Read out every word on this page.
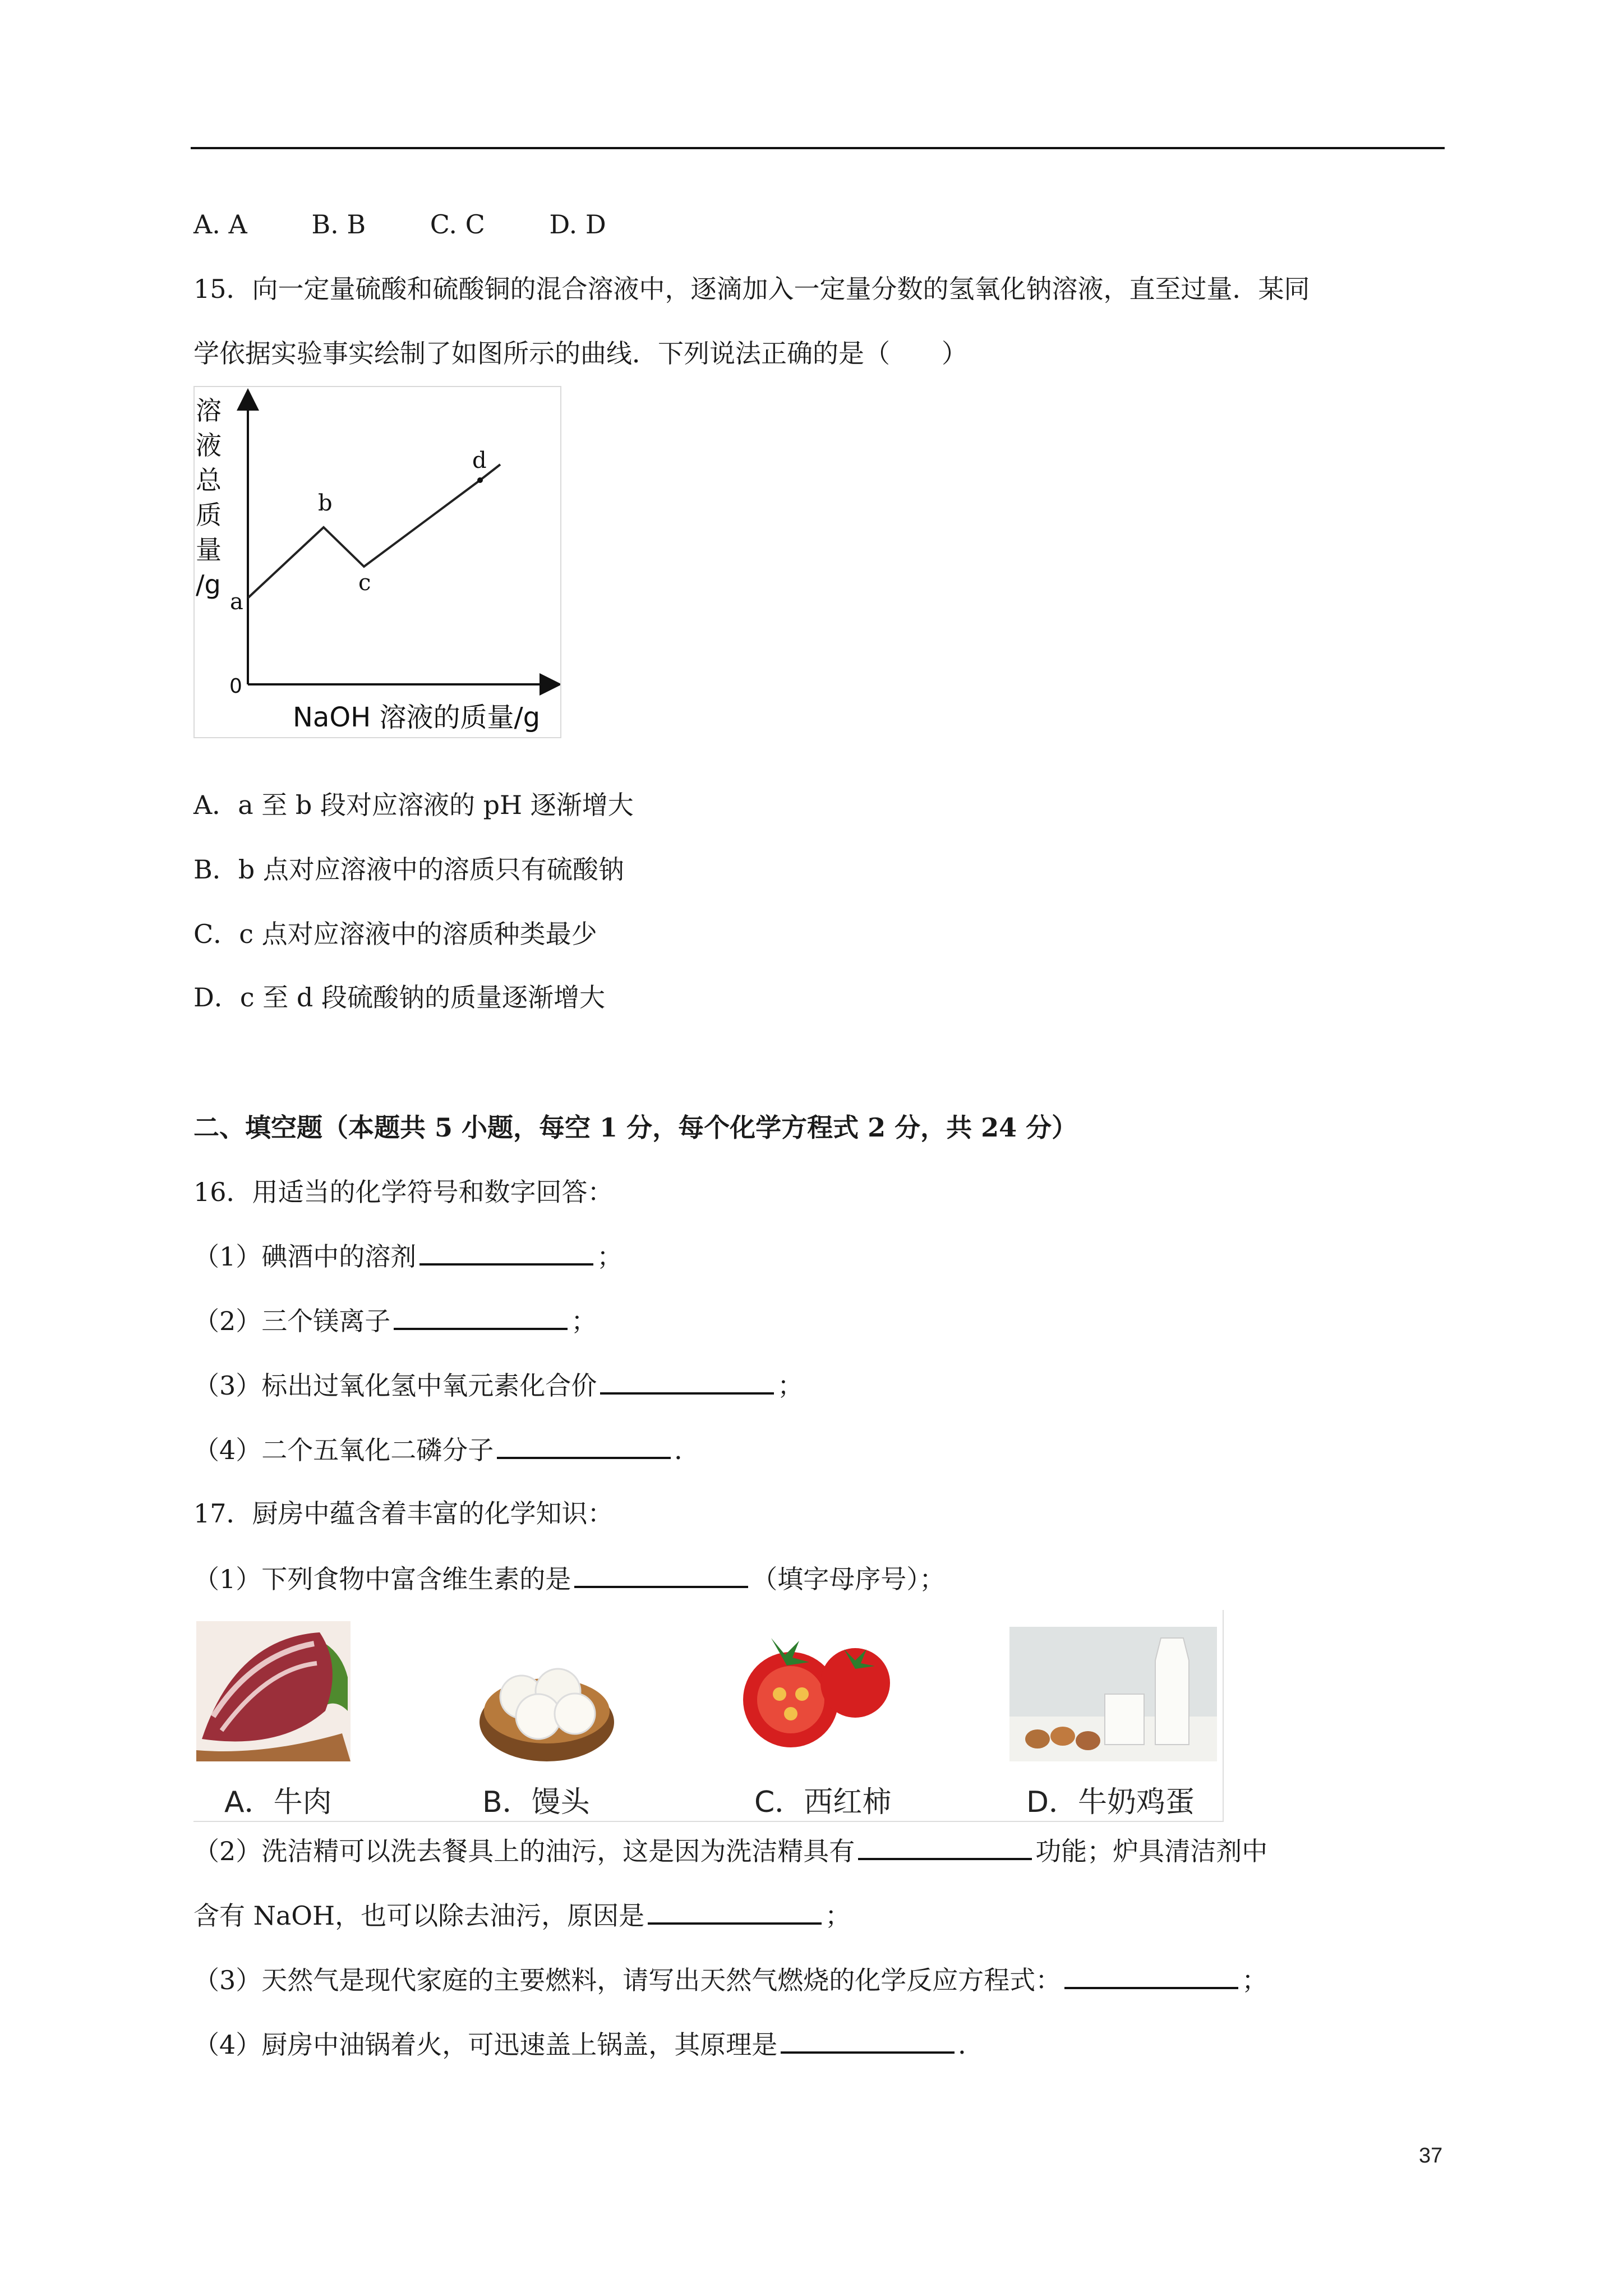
A. A B. B C. C D. D
15．向一定量硫酸和硫酸铜的混合溶液中，逐滴加入一定量分数的氢氧化钠溶液，直至过量．某同
学依据实验事实绘制了如图所示的曲线．下列说法正确的是（　　）
溶
液
总
质
量
/g
0
NaOH 溶液的质量/g
a
b
c
d
A．a 至 b 段对应溶液的 pH 逐渐增大
B．b 点对应溶液中的溶质只有硫酸钠
C．c 点对应溶液中的溶质种类最少
D．c 至 d 段硫酸钠的质量逐渐增大
二、填空题（本题共 5 小题，每空 1 分，每个化学方程式 2 分，共 24 分）
16．用适当的化学符号和数字回答：
（1）碘酒中的溶剂	；
（2）三个镁离子	；
（3）标出过氧化氢中氧元素化合价	；
（4）二个五氧化二磷分子	．
17．厨房中蕴含着丰富的化学知识：
（1）下列食物中富含维生素的是	（填字母序号）；
A．牛肉	B．馒头	C．西红柿	D．牛奶鸡蛋
（2）洗洁精可以洗去餐具上的油污，这是因为洗洁精具有	功能；炉具清洁剂中
含有 NaOH，也可以除去油污，原因是	；
（3）天然气是现代家庭的主要燃料，请写出天然气燃烧的化学反应方程式：	；
（4）厨房中油锅着火，可迅速盖上锅盖，其原理是	．
37
